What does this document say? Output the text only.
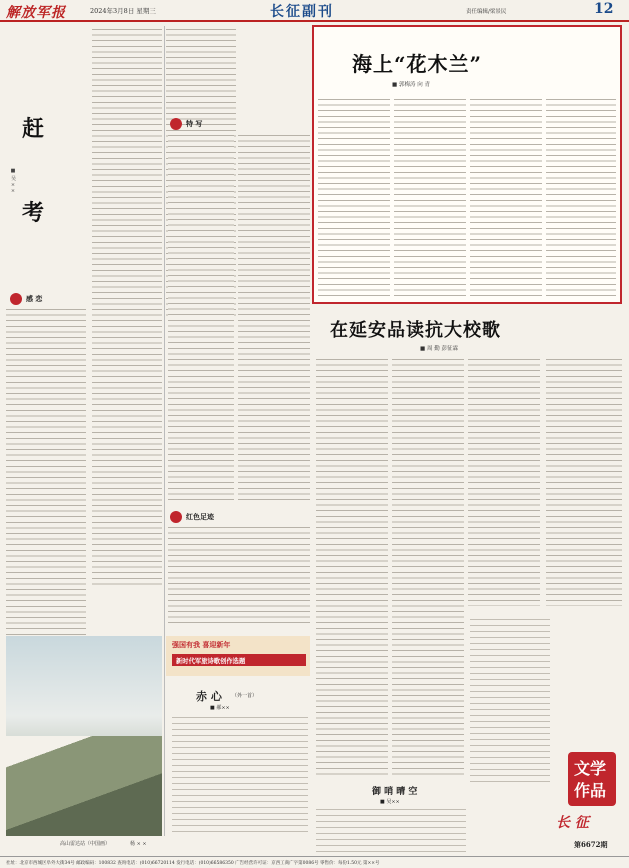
解放军报	2024年3月8日 星期三	长征副刊	责任编辑/梁景民	12
赶
考
■ 吴 ××
感 恋
高山雷达站（中国画）	杨 × ×
特 写
红色足迹
强国有我 喜迎新年
新时代军旅诗歌创作选题
赤 心 （外一首）
■ 郝××
御 哨 晴 空
■ 吴××
海上“花木兰”
■ 郭梅涛 向 青
在延安品读抗大校歌
■ 周 勤 彭征霖
文学
作品
长 征
第6672期
社址：北京市西城区阜外大街34号 邮政编码：100832 查询电话：(010)66720114 发行电话：(010)66586350 广告经营许可证：京西工商广字第0086号 零售价：每份1.50元 第××号
